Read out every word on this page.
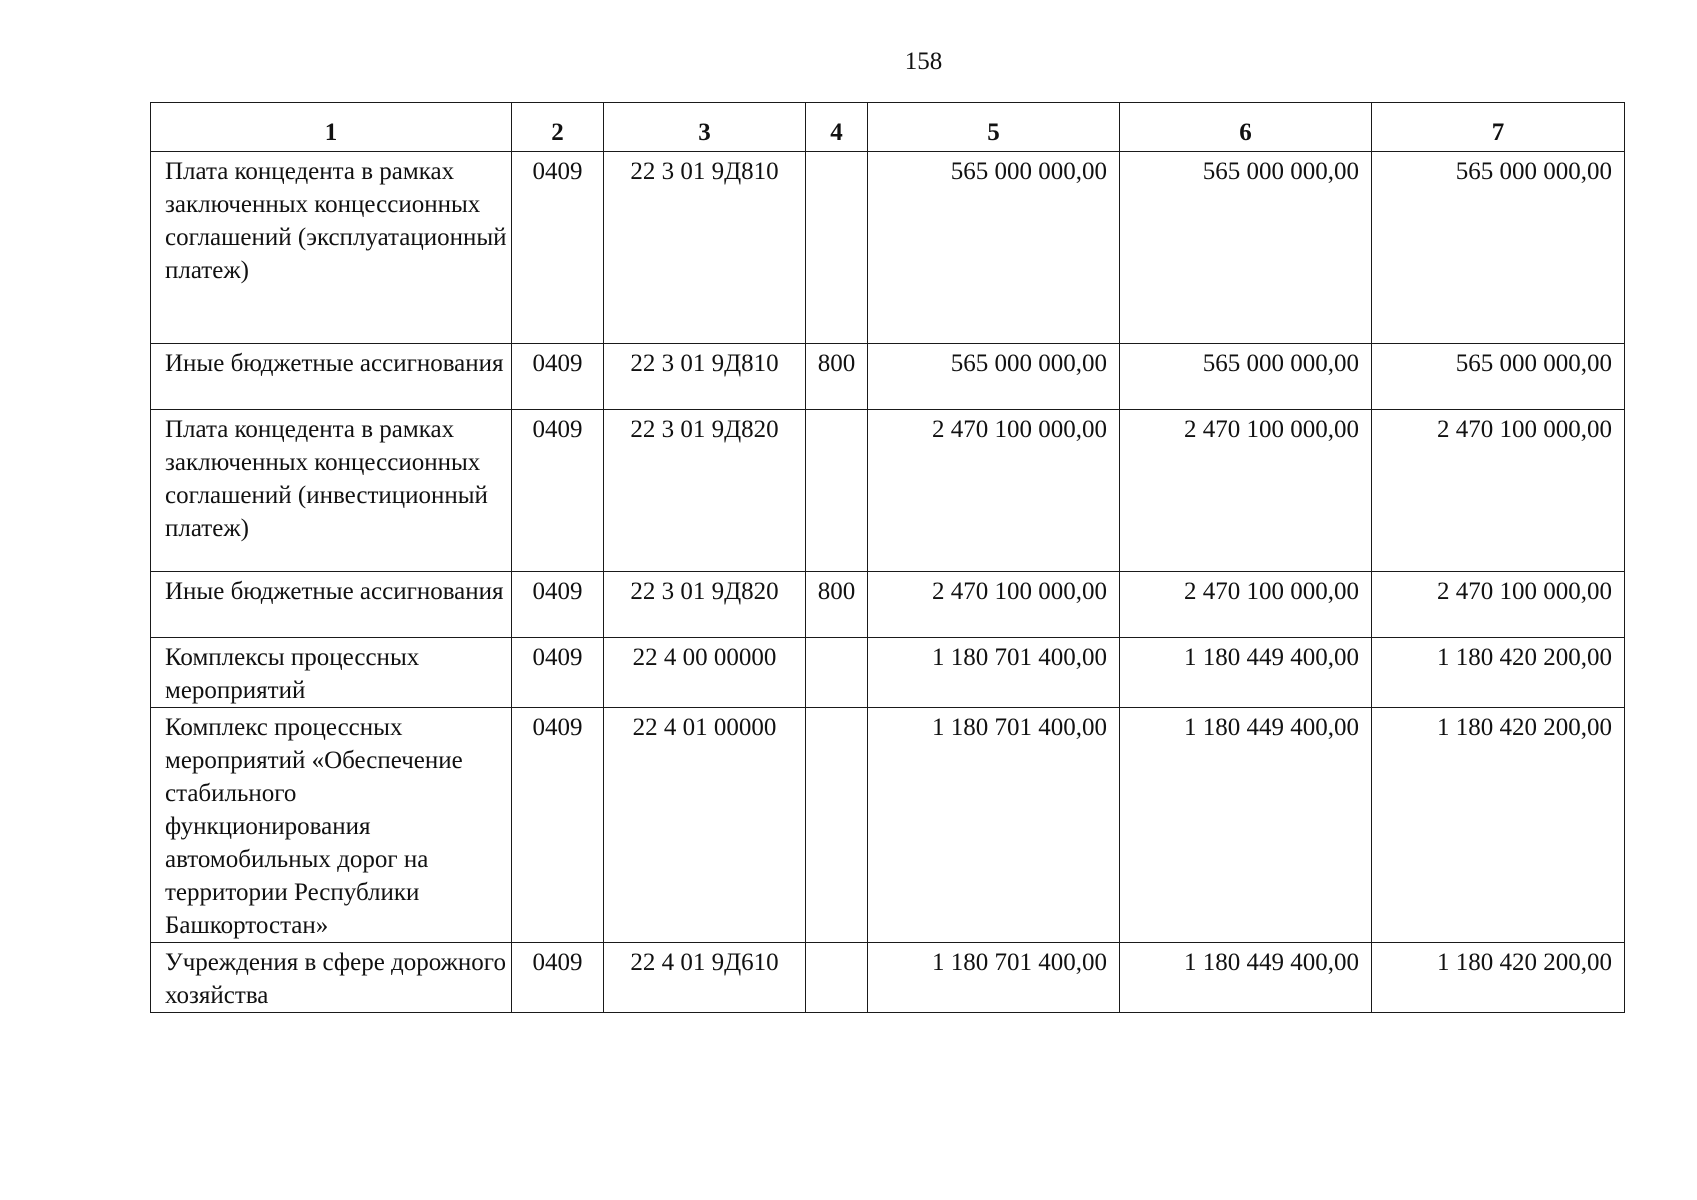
158
1	2	3	4	5	6	7
Плата концедента в рамках заключенных концессионных соглашений (эксплуатационный платеж)	0409	22 3 01 9Д810		565 000 000,00	565 000 000,00	565 000 000,00
Иные бюджетные ассигнования	0409	22 3 01 9Д810	800	565 000 000,00	565 000 000,00	565 000 000,00
Плата концедента в рамках заключенных концессионных соглашений (инвестиционный платеж)	0409	22 3 01 9Д820		2 470 100 000,00	2 470 100 000,00	2 470 100 000,00
Иные бюджетные ассигнования	0409	22 3 01 9Д820	800	2 470 100 000,00	2 470 100 000,00	2 470 100 000,00
Комплексы процессных мероприятий	0409	22 4 00 00000		1 180 701 400,00	1 180 449 400,00	1 180 420 200,00
Комплекс процессных мероприятий «Обеспечение стабильного функционирования автомобильных дорог на территории Республики Башкортостан»	0409	22 4 01 00000		1 180 701 400,00	1 180 449 400,00	1 180 420 200,00
Учреждения в сфере дорожного хозяйства	0409	22 4 01 9Д610		1 180 701 400,00	1 180 449 400,00	1 180 420 200,00
